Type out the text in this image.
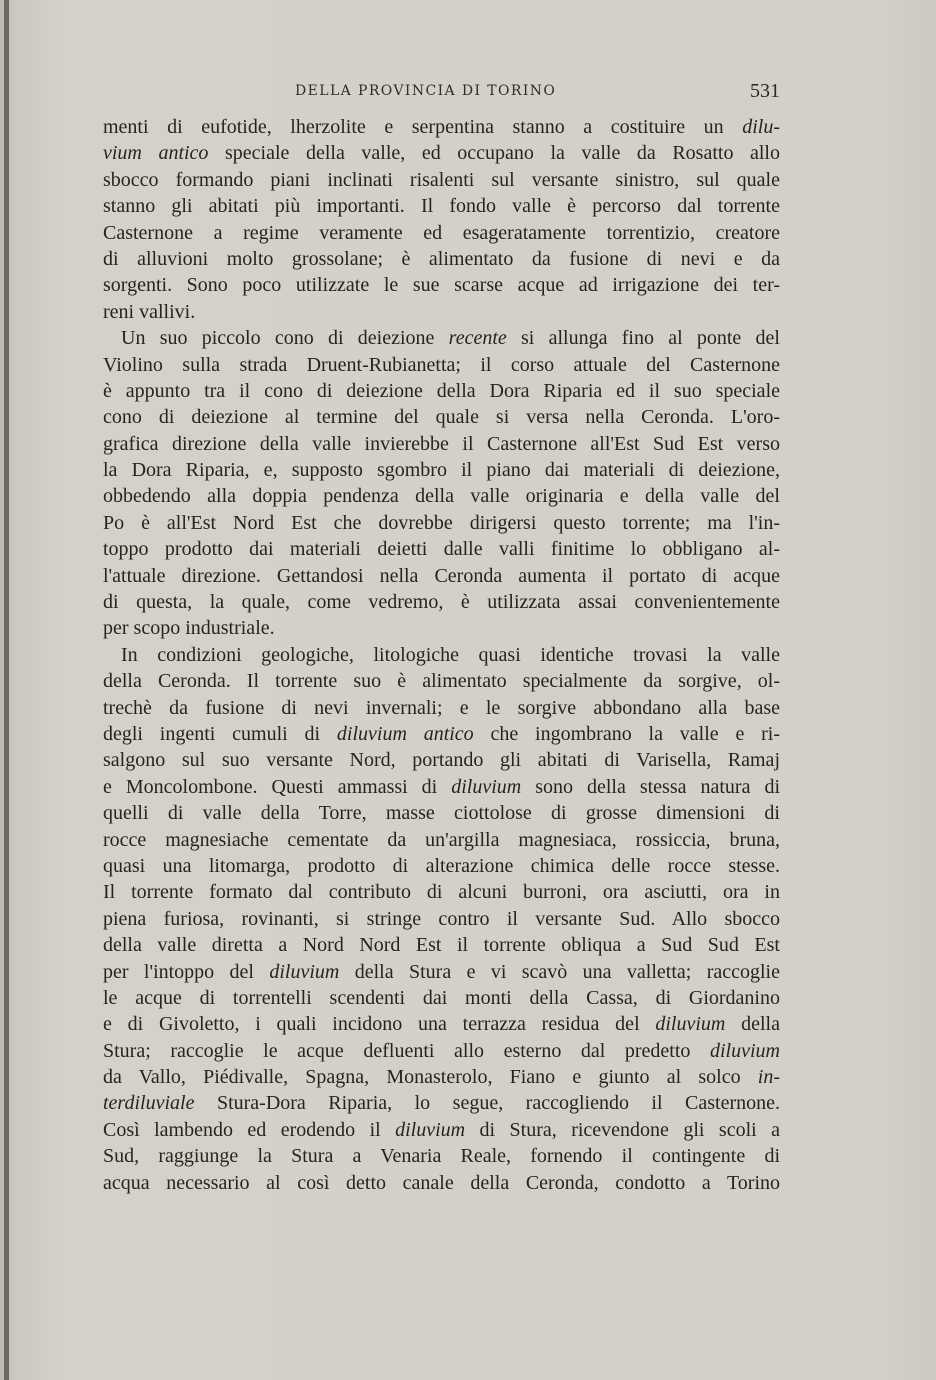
DELLA PROVINCIA DI TORINO	531
menti di eufotide, lherzolite e serpentina stanno a costituire un dilu-
vium antico speciale della valle, ed occupano la valle da Rosatto allo
sbocco formando piani inclinati risalenti sul versante sinistro, sul quale
stanno gli abitati più importanti. Il fondo valle è percorso dal torrente
Casternone a regime veramente ed esageratamente torrentizio, creatore
di alluvioni molto grossolane; è alimentato da fusione di nevi e da
sorgenti. Sono poco utilizzate le sue scarse acque ad irrigazione dei ter-
reni vallivi.
Un suo piccolo cono di deiezione recente si allunga fino al ponte del
Violino sulla strada Druent-Rubianetta; il corso attuale del Casternone
è appunto tra il cono di deiezione della Dora Riparia ed il suo speciale
cono di deiezione al termine del quale si versa nella Ceronda. L'oro-
grafica direzione della valle invierebbe il Casternone all'Est Sud Est verso
la Dora Riparia, e, supposto sgombro il piano dai materiali di deiezione,
obbedendo alla doppia pendenza della valle originaria e della valle del
Po è all'Est Nord Est che dovrebbe dirigersi questo torrente; ma l'in-
toppo prodotto dai materiali deietti dalle valli finitime lo obbligano al-
l'attuale direzione. Gettandosi nella Ceronda aumenta il portato di acque
di questa, la quale, come vedremo, è utilizzata assai convenientemente
per scopo industriale.
In condizioni geologiche, litologiche quasi identiche trovasi la valle
della Ceronda. Il torrente suo è alimentato specialmente da sorgive, ol-
trechè da fusione di nevi invernali; e le sorgive abbondano alla base
degli ingenti cumuli di diluvium antico che ingombrano la valle e ri-
salgono sul suo versante Nord, portando gli abitati di Varisella, Ramaj
e Moncolombone. Questi ammassi di diluvium sono della stessa natura di
quelli di valle della Torre, masse ciottolose di grosse dimensioni di
rocce magnesiache cementate da un'argilla magnesiaca, rossiccia, bruna,
quasi una litomarga, prodotto di alterazione chimica delle rocce stesse.
Il torrente formato dal contributo di alcuni burroni, ora asciutti, ora in
piena furiosa, rovinanti, si stringe contro il versante Sud. Allo sbocco
della valle diretta a Nord Nord Est il torrente obliqua a Sud Sud Est
per l'intoppo del diluvium della Stura e vi scavò una valletta; raccoglie
le acque di torrentelli scendenti dai monti della Cassa, di Giordanino
e di Givoletto, i quali incidono una terrazza residua del diluvium della
Stura; raccoglie le acque defluenti allo esterno dal predetto diluvium
da Vallo, Piédivalle, Spagna, Monasterolo, Fiano e giunto al solco in-
terdiluviale Stura-Dora Riparia, lo segue, raccogliendo il Casternone.
Così lambendo ed erodendo il diluvium di Stura, ricevendone gli scoli a
Sud, raggiunge la Stura a Venaria Reale, fornendo il contingente di
acqua necessario al così detto canale della Ceronda, condotto a Torino
